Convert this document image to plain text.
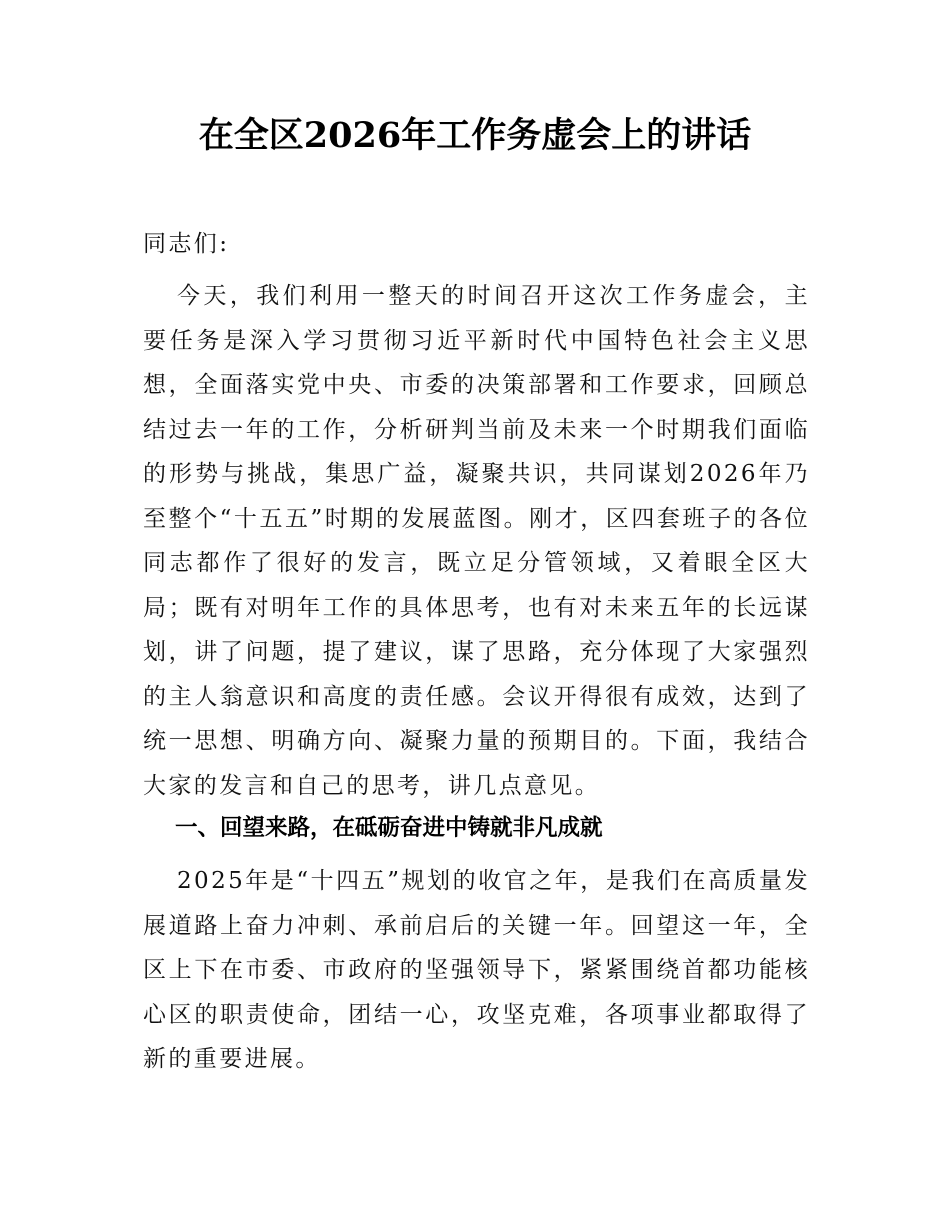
在全区2026年工作务虚会上的讲话

同志们:

今天，我们利用一整天的时间召开这次工作务虚会，主要任务是深入学习贯彻习近平新时代中国特色社会主义思想，全面落实党中央、市委的决策部署和工作要求，回顾总结过去一年的工作，分析研判当前及未来一个时期我们面临的形势与挑战，集思广益，凝聚共识，共同谋划2026年乃至整个“十五五”时期的发展蓝图。刚才，区四套班子的各位同志都作了很好的发言，既立足分管领域，又着眼全区大局；既有对明年工作的具体思考，也有对未来五年的长远谋划，讲了问题，提了建议，谋了思路，充分体现了大家强烈的主人翁意识和高度的责任感。会议开得很有成效，达到了统一思想、明确方向、凝聚力量的预期目的。下面，我结合大家的发言和自己的思考，讲几点意见。

一、回望来路，在砥砺奋进中铸就非凡成就

2025年是“十四五”规划的收官之年，是我们在高质量发展道路上奋力冲刺、承前启后的关键一年。回望这一年，全区上下在市委、市政府的坚强领导下，紧紧围绕首都功能核心区的职责使命，团结一心，攻坚克难，各项事业都取得了新的重要进展。
